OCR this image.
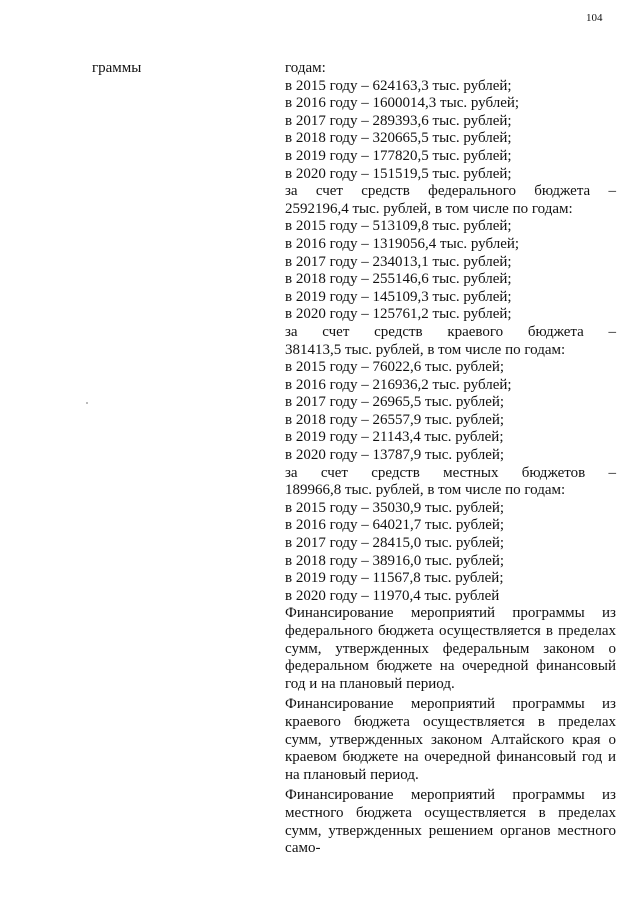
104
граммы	годам:
в 2015 году – 624163,3 тыс. рублей;
в 2016 году – 1600014,3 тыс. рублей;
в 2017 году – 289393,6 тыс. рублей;
в 2018 году – 320665,5 тыс. рублей;
в 2019 году – 177820,5 тыс. рублей;
в 2020 году – 151519,5 тыс. рублей;
за счет средств федерального бюджета –
2592196,4 тыс. рублей, в том числе по годам:
в 2015 году – 513109,8 тыс. рублей;
в 2016 году – 1319056,4 тыс. рублей;
в 2017 году – 234013,1 тыс. рублей;
в 2018 году – 255146,6 тыс. рублей;
в 2019 году – 145109,3 тыс. рублей;
в 2020 году – 125761,2 тыс. рублей;
за счет средств краевого бюджета –
381413,5 тыс. рублей, в том числе по годам:
в 2015 году – 76022,6 тыс. рублей;
в 2016 году – 216936,2 тыс. рублей;
в 2017 году – 26965,5 тыс. рублей;
в 2018 году – 26557,9 тыс. рублей;
в 2019 году – 21143,4 тыс. рублей;
в 2020 году – 13787,9 тыс. рублей;
за счет средств местных бюджетов –
189966,8 тыс. рублей, в том числе по годам:
в 2015 году – 35030,9 тыс. рублей;
в 2016 году – 64021,7 тыс. рублей;
в 2017 году – 28415,0 тыс. рублей;
в 2018 году – 38916,0 тыс. рублей;
в 2019 году – 11567,8 тыс. рублей;
в 2020 году – 11970,4 тыс. рублей
Финансирование мероприятий программы из федерального бюджета осуществляется в пределах сумм, утвержденных федеральным законом о федеральном бюджете на очередной финансовый год и на плановый период.
Финансирование мероприятий программы из краевого бюджета осуществляется в пределах сумм, утвержденных законом Алтайского края о краевом бюджете на очередной финансовый год и на плановый период.
Финансирование мероприятий программы из местного бюджета осуществляется в пределах сумм, утвержденных решением органов местного само-
